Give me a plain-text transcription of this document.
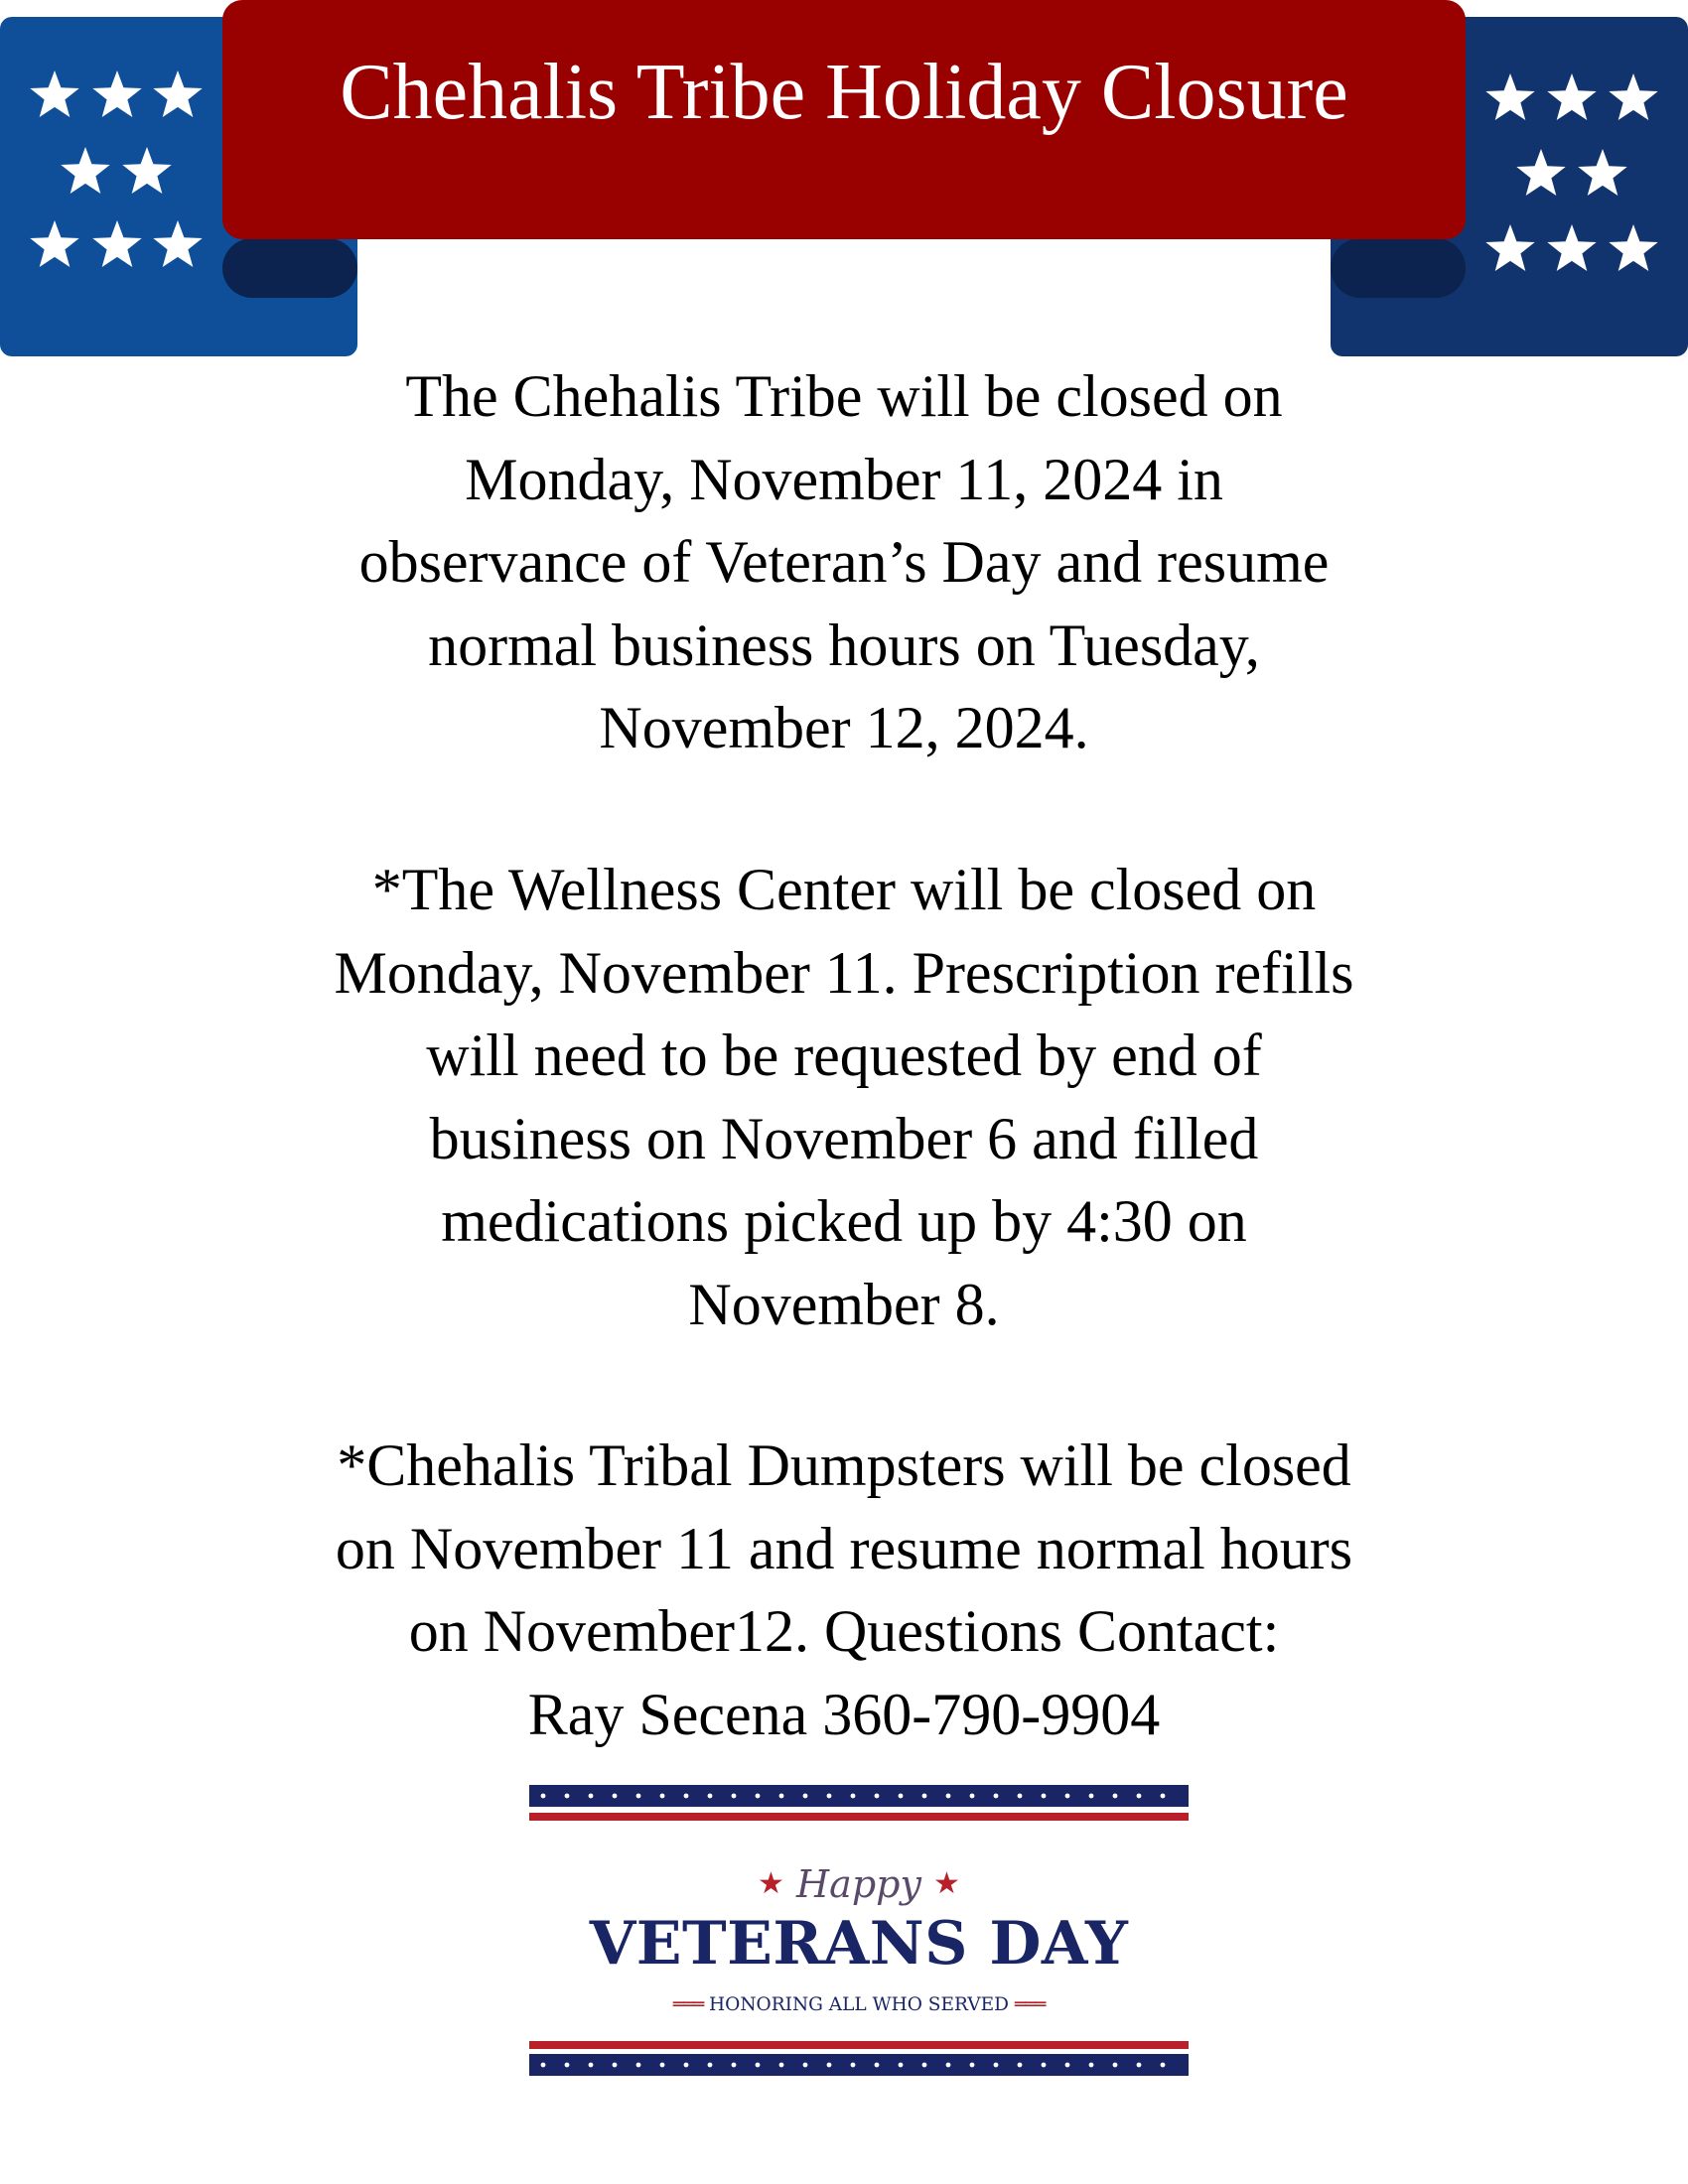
Chehalis Tribe Holiday Closure
The Chehalis Tribe will be closed on
Monday, November 11, 2024 in
observance of Veteran’s Day and resume
normal business hours on Tuesday,
November 12, 2024.
*The Wellness Center will be closed on
Monday, November 11. Prescription refills
will need to be requested by end of
business on November 6 and filled
medications picked up by 4:30 on
November 8.
*Chehalis Tribal Dumpsters will be closed
on November 11 and resume normal hours
on November12. Questions Contact:
Ray Secena 360-790-9904
★ Happy ★
VETERANS DAY
═══ HONORING ALL WHO SERVED ═══
